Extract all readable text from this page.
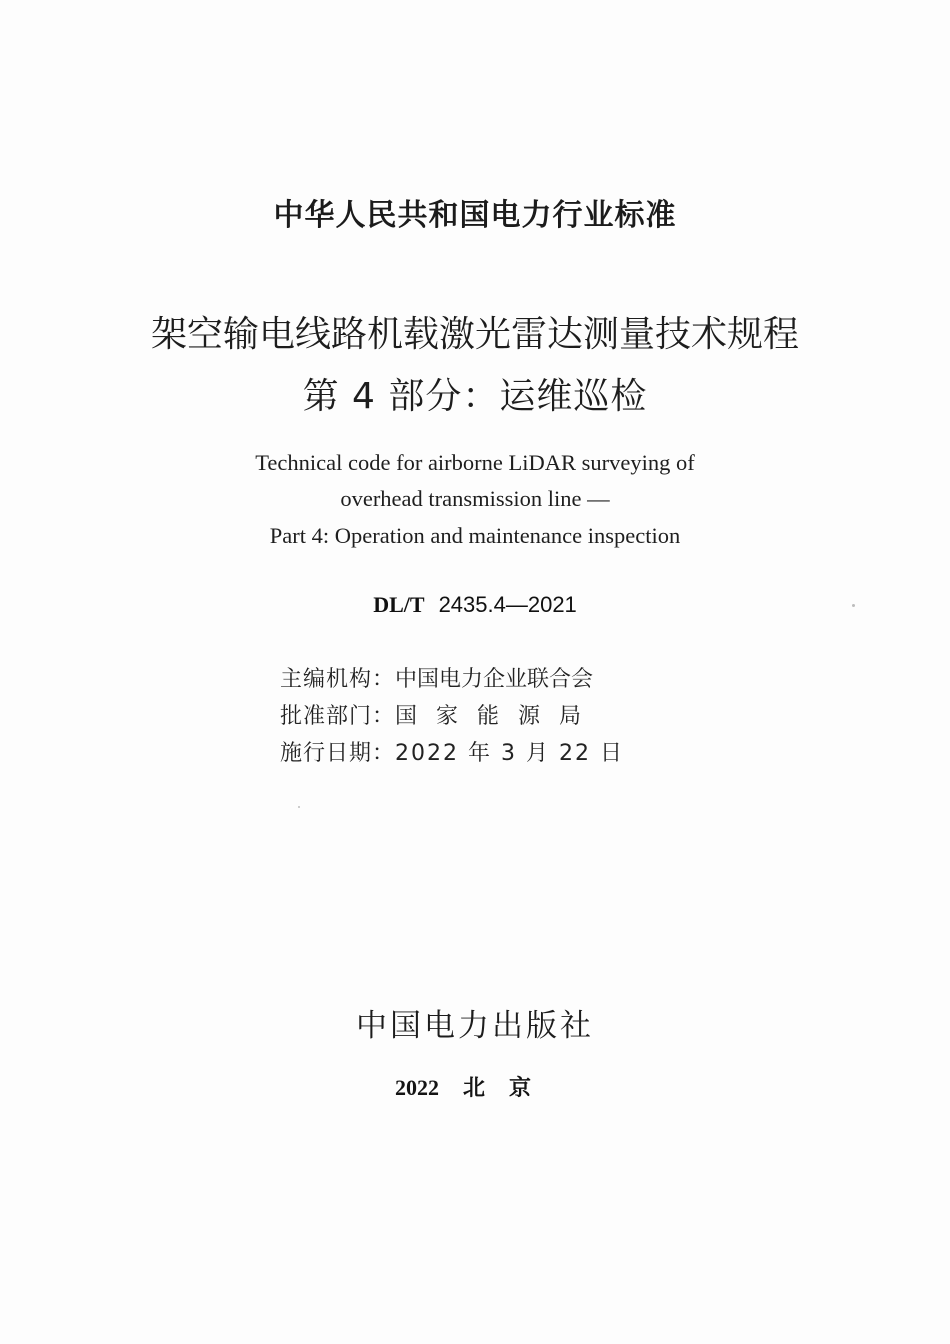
中华人民共和国电力行业标准
架空输电线路机载激光雷达测量技术规程
第 4 部分：运维巡检
Technical code for airborne LiDAR surveying of
overhead transmission line —
Part 4: Operation and maintenance inspection
DL/T 2435.4—2021
主编机构：中国电力企业联合会
批准部门：国家能源局
施行日期：2022 年 3 月 22 日
中国电力出版社
2022 北京
